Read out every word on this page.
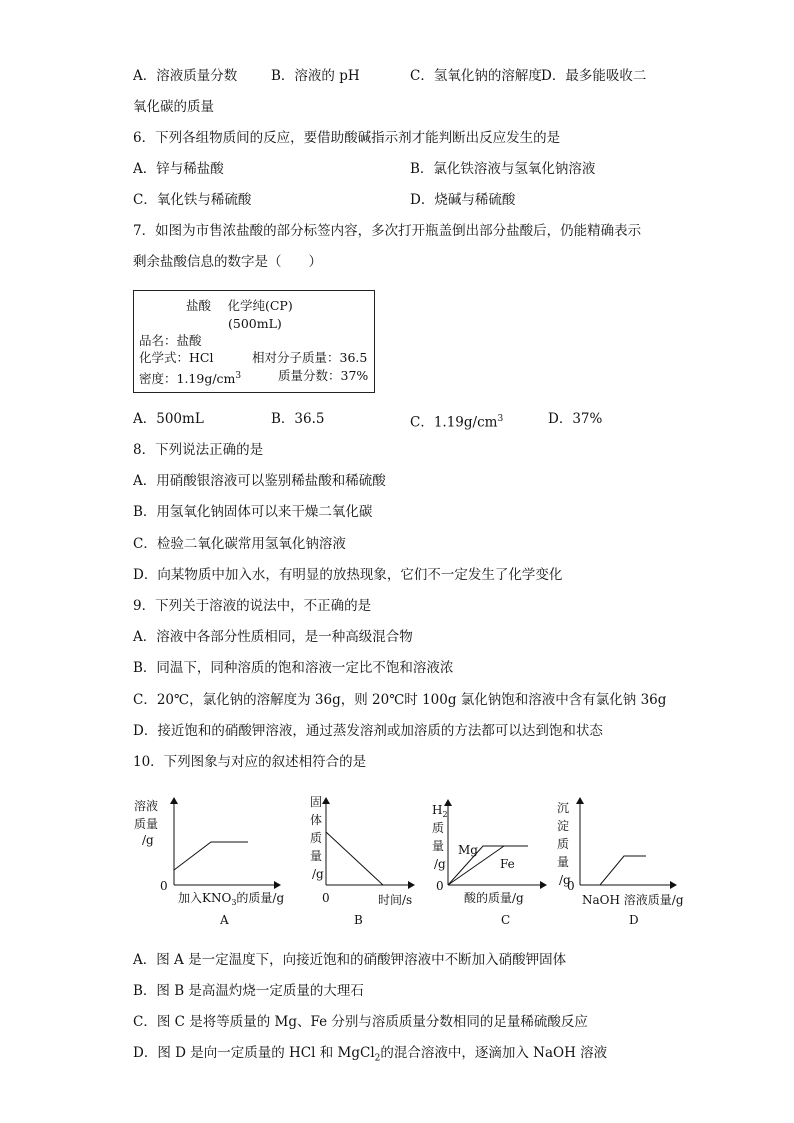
A．溶液质量分数	B．溶液的 pH	C．氢氧化钠的溶解度 D．最多能吸收二
氧化碳的质量
6．下列各组物质间的反应，要借助酸碱指示剂才能判断出反应发生的是
A．锌与稀盐酸	B．氯化铁溶液与氢氧化钠溶液
C．氧化铁与稀硫酸	D．烧碱与稀硫酸
7．如图为市售浓盐酸的部分标签内容，多次打开瓶盖倒出部分盐酸后，仍能精确表示
剩余盐酸信息的数字是（　　）
盐酸　 化学纯(CP)
(500mL)
品名：盐酸
化学式：HCl	相对分子质量：36.5
密度：$1.19g/cm^3$	质量分数：37%
A．500mL	B．36.5	C．$1.19g/cm^3$	D．37%
8．下列说法正确的是
A．用硝酸银溶液可以鉴别稀盐酸和稀硫酸
B．用氢氧化钠固体可以来干燥二氧化碳
C．检验二氧化碳常用氢氧化钠溶液
D．向某物质中加入水，有明显的放热现象，它们不一定发生了化学变化
9．下列关于溶液的说法中，不正确的是
A．溶液中各部分性质相同，是一种高级混合物
B．同温下，同种溶质的饱和溶液一定比不饱和溶液浓
C．20℃，氯化钠的溶解度为 36g，则 20℃时 100g 氯化钠饱和溶液中含有氯化钠 36g
D．接近饱和的硝酸钾溶液，通过蒸发溶剂或加溶质的方法都可以达到饱和状态
10．下列图象与对应的叙述相符合的是
溶液
质量
/g
0
加入$KNO_3$的质量/g
A
固
体
质
量
/g
0	时间/s
B
$H_2$
质
量
/g
0
Mg
Fe
酸的质量/g
C
沉
淀
质
量
/g
0
NaOH 溶液质量/g
D
A．图 A 是一定温度下，向接近饱和的硝酸钾溶液中不断加入硝酸钾固体
B．图 B 是高温灼烧一定质量的大理石
C．图 C 是将等质量的 Mg、Fe 分别与溶质质量分数相同的足量稀硫酸反应
D．图 D 是向一定质量的 HCl 和 MgCl$_2$的混合溶液中，逐滴加入 NaOH 溶液
